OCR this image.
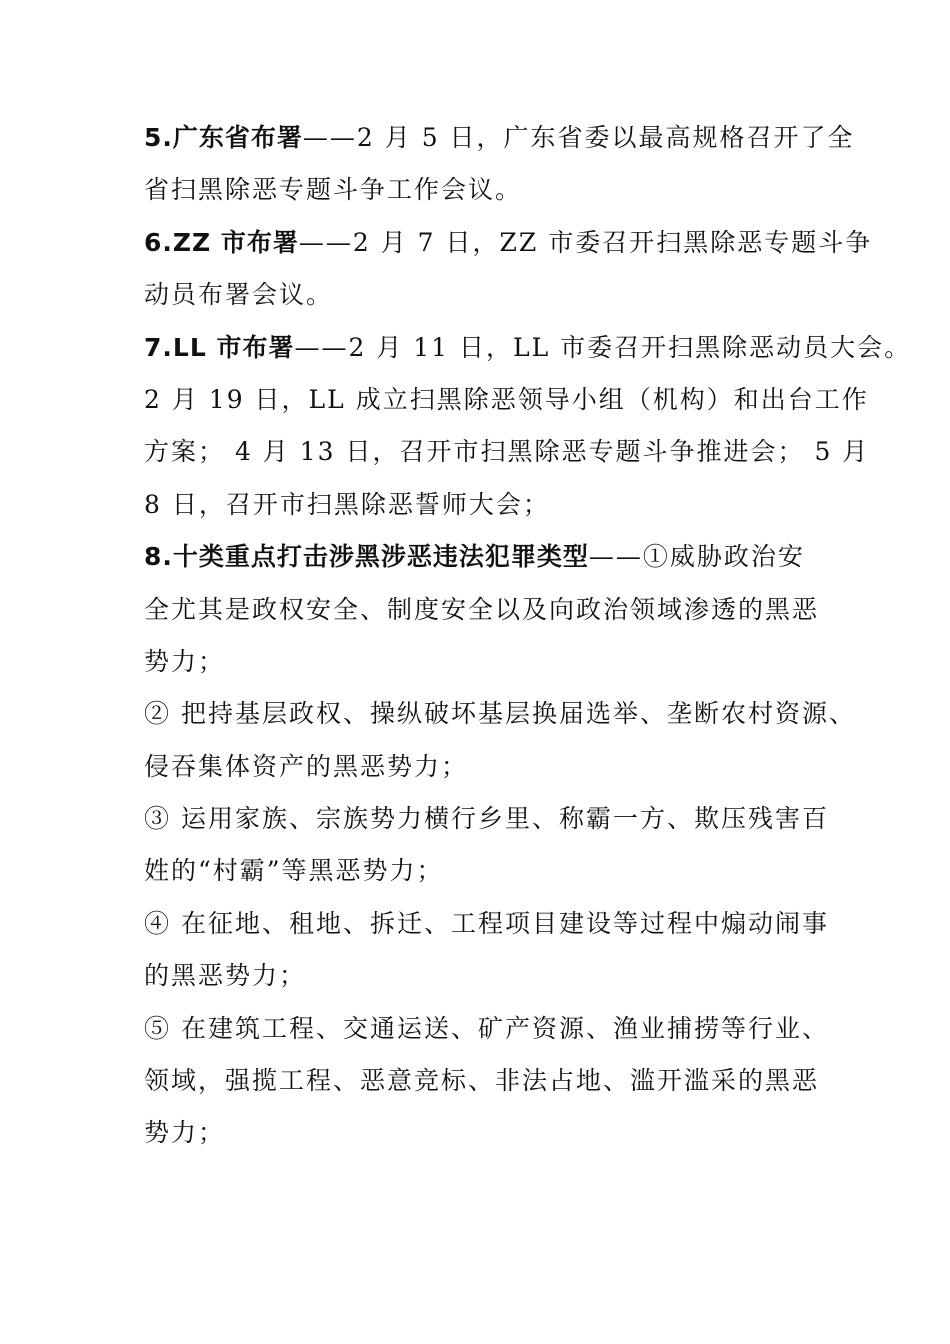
5.广东省布署——2 月 5 日，广东省委以最高规格召开了全
省扫黑除恶专题斗争工作会议。
6.ZZ 市布署——2 月 7 日，ZZ 市委召开扫黑除恶专题斗争
动员布署会议。
7.LL 市布署——2 月 11 日，LL 市委召开扫黑除恶动员大会。
2 月 19 日，LL 成立扫黑除恶领导小组（机构）和出台工作
方案； 4 月 13 日，召开市扫黑除恶专题斗争推进会； 5 月
8 日，召开市扫黑除恶誓师大会；
8.十类重点打击涉黑涉恶违法犯罪类型——①威胁政治安
全尤其是政权安全、制度安全以及向政治领域渗透的黑恶
势力；
② 把持基层政权、操纵破坏基层换届选举、垄断农村资源、
侵吞集体资产的黑恶势力；
③ 运用家族、宗族势力横行乡里、称霸一方、欺压残害百
姓的“村霸”等黑恶势力；
④ 在征地、租地、拆迁、工程项目建设等过程中煽动闹事
的黑恶势力；
⑤ 在建筑工程、交通运送、矿产资源、渔业捕捞等行业、
领域，强揽工程、恶意竞标、非法占地、滥开滥采的黑恶
势力；
